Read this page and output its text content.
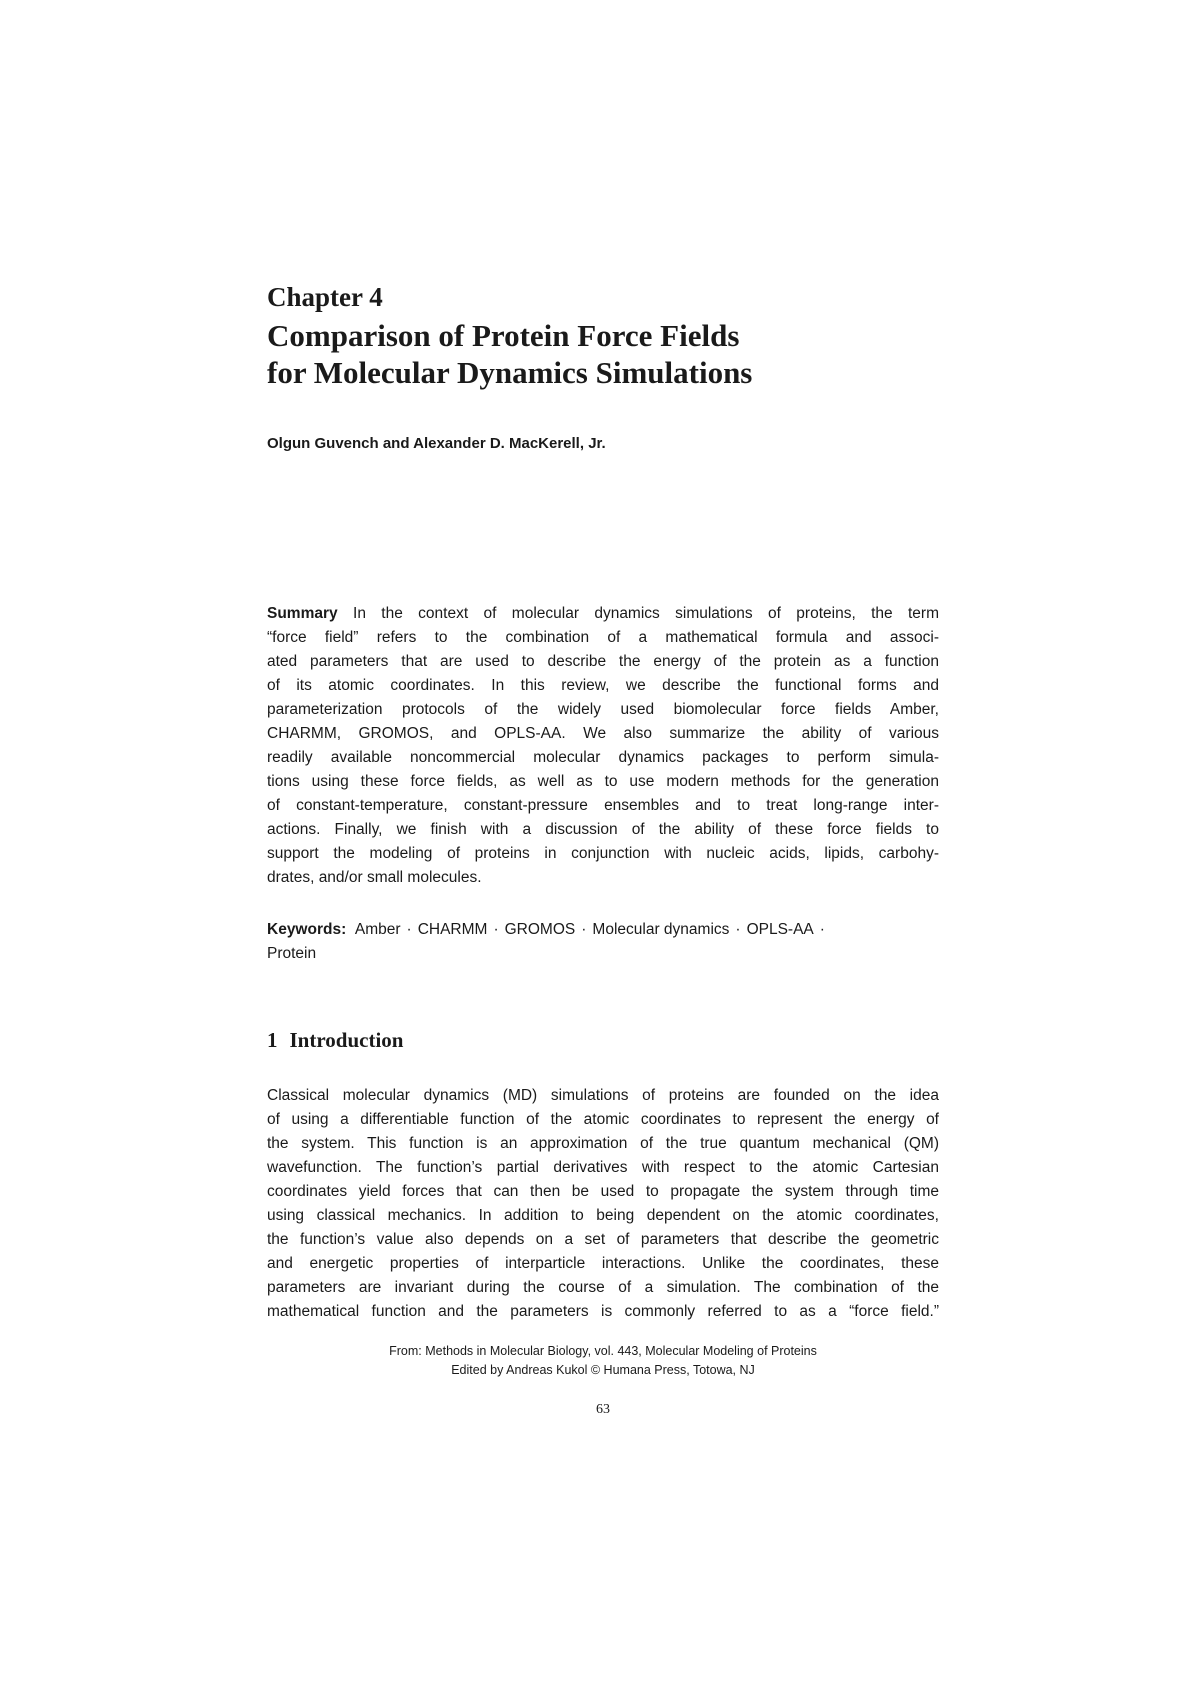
Chapter 4
Comparison of Protein Force Fields
for Molecular Dynamics Simulations

Olgun Guvench and Alexander D. MacKerell, Jr.

Summary In the context of molecular dynamics simulations of proteins, the term
“force field” refers to the combination of a mathematical formula and associ-
ated parameters that are used to describe the energy of the protein as a function
of its atomic coordinates. In this review, we describe the functional forms and
parameterization protocols of the widely used biomolecular force fields Amber,
CHARMM, GROMOS, and OPLS-AA. We also summarize the ability of various
readily available noncommercial molecular dynamics packages to perform simula-
tions using these force fields, as well as to use modern methods for the generation
of constant-temperature, constant-pressure ensembles and to treat long-range inter-
actions. Finally, we finish with a discussion of the ability of these force fields to
support the modeling of proteins in conjunction with nucleic acids, lipids, carbohy-
drates, and/or small molecules.
Keywords: Amber · CHARMM · GROMOS · Molecular dynamics · OPLS-AA ·
Protein
1 Introduction
Classical molecular dynamics (MD) simulations of proteins are founded on the idea
of using a differentiable function of the atomic coordinates to represent the energy of
the system. This function is an approximation of the true quantum mechanical (QM)
wavefunction. The function’s partial derivatives with respect to the atomic Cartesian
coordinates yield forces that can then be used to propagate the system through time
using classical mechanics. In addition to being dependent on the atomic coordinates,
the function’s value also depends on a set of parameters that describe the geometric
and energetic properties of interparticle interactions. Unlike the coordinates, these
parameters are invariant during the course of a simulation. The combination of the
mathematical function and the parameters is commonly referred to as a “force field.”
From: Methods in Molecular Biology, vol. 443, Molecular Modeling of Proteins
Edited by Andreas Kukol © Humana Press, Totowa, NJ
63
